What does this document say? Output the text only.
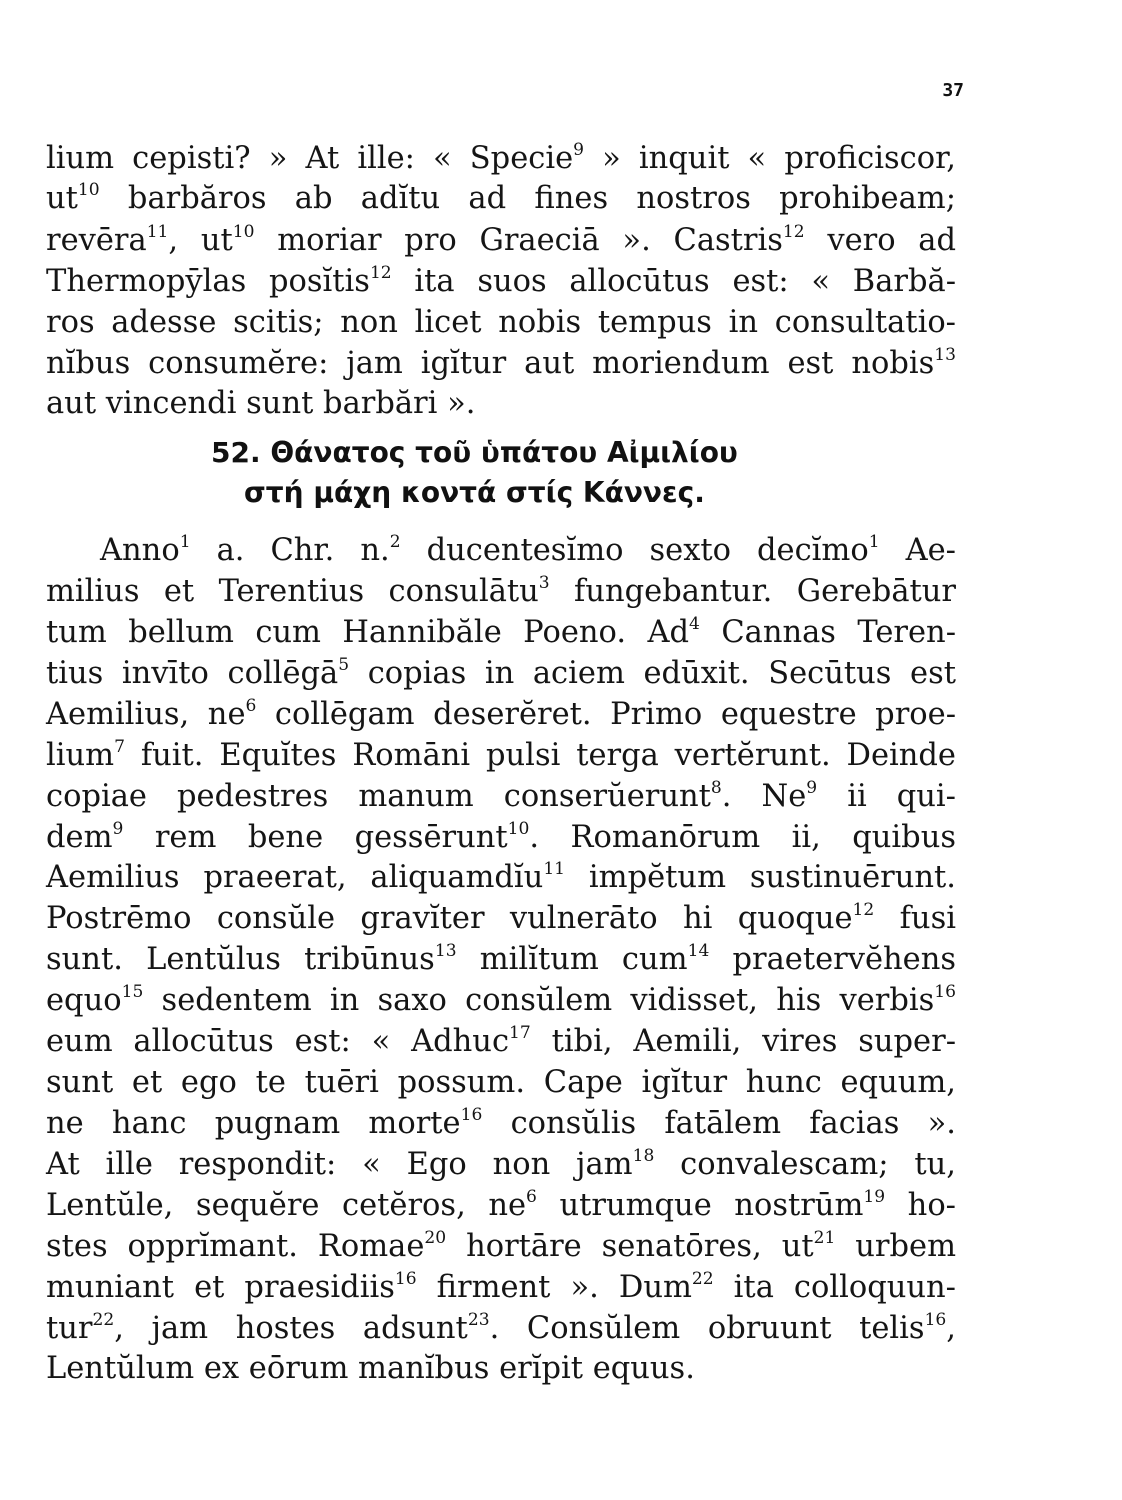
37

lium cepisti? » At ille: « Specie$^9$ » inquit « proficiscor,

$ut^{10}$ barbăros ab adĭtu ad fines nostros prohibeam;

revēra$^{11}$, $ut^{10}$ moriar pro Graeciā ». Castris$^{12}$ vero ad

Thermopȳlas posĭtis$^{12}$ ita suos allocūtus est: « Barbă-

ros adesse scitis; non licet nobis tempus in consultatio-

nĭbus consumĕre: jam igĭtur aut moriendum est nobis$^{13}$

aut vincendi sunt barbări ».

52. Θάνατος τοῦ ὑπάτου Αἰμιλίου
στή μάχη κοντά στίς Κάννες.

Anno$^1$ a. Chr. n.$^2$ ducentesĭmo sexto decĭmo$^1$ Ae-

milius et Terentius consulātu$^3$ fungebantur. Gerebātur

tum bellum cum Hannibăle Poeno. Ad$^4$ Cannas Teren-

tius invīto collēgā$^5$ copias in aciem edūxit. Secūtus est

Aemilius, $ne^6$ collēgam deserĕret. Primo equestre proe-

lium$^7$ fuit. Equĭtes Romāni pulsi terga vertĕrunt. Deinde

copiae pedestres manum conserŭerunt$^8$. Ne$^9$ ii qui-

dem$^9$ rem bene gessērunt$^{10}$. Romanōrum ii, quibus

Aemilius praeerat, aliquamdĭu$^{11}$ impĕtum sustinuērunt.

Postrēmo consŭle gravĭter vulnerāto hi quoque$^{12}$ fusi

sunt. Lentŭlus tribūnus$^{13}$ milĭtum cum$^{14}$ praetervĕhens

equo$^{15}$ sedentem in saxo consŭlem vidisset, his verbis$^{16}$

eum allocūtus est: « Adhuc$^{17}$ tibi, Aemili, vires super-

sunt et ego te tuēri possum. Cape igĭtur hunc equum,

ne hanc pugnam morte$^{16}$ consŭlis fatālem facias ».

At ille respondit: « Ego non jam$^{18}$ convalescam; tu,

Lentŭle, sequĕre cetĕros, $ne^6$ utrumque nostrūm$^{19}$ ho-

stes opprĭmant. Romae$^{20}$ hortāre senatōres, $ut^{21}$ urbem

muniant et praesidiis$^{16}$ firment ». Dum$^{22}$ ita colloquun-

tur$^{22}$, jam hostes adsunt$^{23}$. Consŭlem obruunt telis$^{16}$,

Lentŭlum ex eōrum manĭbus erĭpit equus.
